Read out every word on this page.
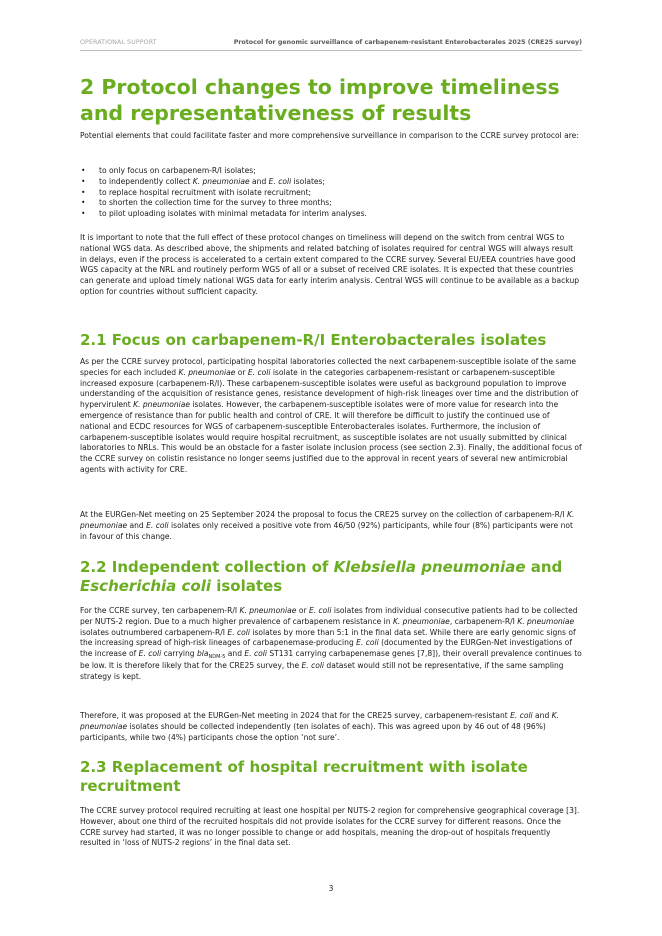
OPERATIONAL SUPPORT	Protocol for genomic surveillance of carbapenem-resistant Enterobacterales 2025 (CRE25 survey)
2 Protocol changes to improve timeliness and representativeness of results

Potential elements that could facilitate faster and more comprehensive surveillance in comparison to the CCRE survey protocol are:

• to only focus on carbapenem-R/I isolates;
• to independently collect K. pneumoniae and E. coli isolates;
• to replace hospital recruitment with isolate recruitment;
• to shorten the collection time for the survey to three months;
• to pilot uploading isolates with minimal metadata for interim analyses.

It is important to note that the full effect of these protocol changes on timeliness will depend on the switch from central WGS to national WGS data. As described above, the shipments and related batching of isolates required for central WGS will always result in delays, even if the process is accelerated to a certain extent compared to the CCRE survey. Several EU/EEA countries have good WGS capacity at the NRL and routinely perform WGS of all or a subset of received CRE isolates. It is expected that these countries can generate and upload timely national WGS data for early interim analysis. Central WGS will continue to be available as a backup option for countries without sufficient capacity.

2.1 Focus on carbapenem-R/I Enterobacterales isolates

As per the CCRE survey protocol, participating hospital laboratories collected the next carbapenem-susceptible isolate of the same species for each included K. pneumoniae or E. coli isolate in the categories carbapenem-resistant or carbapenem-susceptible increased exposure (carbapenem-R/I). These carbapenem-susceptible isolates were useful as background population to improve understanding of the acquisition of resistance genes, resistance development of high-risk lineages over time and the distribution of hypervirulent K. pneumoniae isolates. However, the carbapenem-susceptible isolates were of more value for research into the emergence of resistance than for public health and control of CRE. It will therefore be difficult to justify the continued use of national and ECDC resources for WGS of carbapenem-susceptible Enterobacterales isolates. Furthermore, the inclusion of carbapenem-susceptible isolates would require hospital recruitment, as susceptible isolates are not usually submitted by clinical laboratories to NRLs. This would be an obstacle for a faster isolate inclusion process (see section 2.3). Finally, the additional focus of the CCRE survey on colistin resistance no longer seems justified due to the approval in recent years of several new antimicrobial agents with activity for CRE.

At the EURGen-Net meeting on 25 September 2024 the proposal to focus the CRE25 survey on the collection of carbapenem-R/I K. pneumoniae and E. coli isolates only received a positive vote from 46/50 (92%) participants, while four (8%) participants were not in favour of this change.

2.2 Independent collection of Klebsiella pneumoniae and Escherichia coli isolates

For the CCRE survey, ten carbapenem-R/I K. pneumoniae or E. coli isolates from individual consecutive patients had to be collected per NUTS-2 region. Due to a much higher prevalence of carbapenem resistance in K. pneumoniae, carbapenem-R/I K. pneumoniae isolates outnumbered carbapenem-R/I E. coli isolates by more than 5:1 in the final data set. While there are early genomic signs of the increasing spread of high-risk lineages of carbapenemase-producing E. coli (documented by the EURGen-Net investigations of the increase of E. coli carrying bla$_{NDM-5}$ and E. coli ST131 carrying carbapenemase genes [7,8]), their overall prevalence continues to be low. It is therefore likely that for the CRE25 survey, the E. coli dataset would still not be representative, if the same sampling strategy is kept.

Therefore, it was proposed at the EURGen-Net meeting in 2024 that for the CRE25 survey, carbapenem-resistant E. coli and K. pneumoniae isolates should be collected independently (ten isolates of each). This was agreed upon by 46 out of 48 (96%) participants, while two (4%) participants chose the option ‘not sure’.

2.3 Replacement of hospital recruitment with isolate recruitment

The CCRE survey protocol required recruiting at least one hospital per NUTS-2 region for comprehensive geographical coverage [3]. However, about one third of the recruited hospitals did not provide isolates for the CCRE survey for different reasons. Once the CCRE survey had started, it was no longer possible to change or add hospitals, meaning the drop-out of hospitals frequently resulted in ‘loss of NUTS-2 regions’ in the final data set.

3
